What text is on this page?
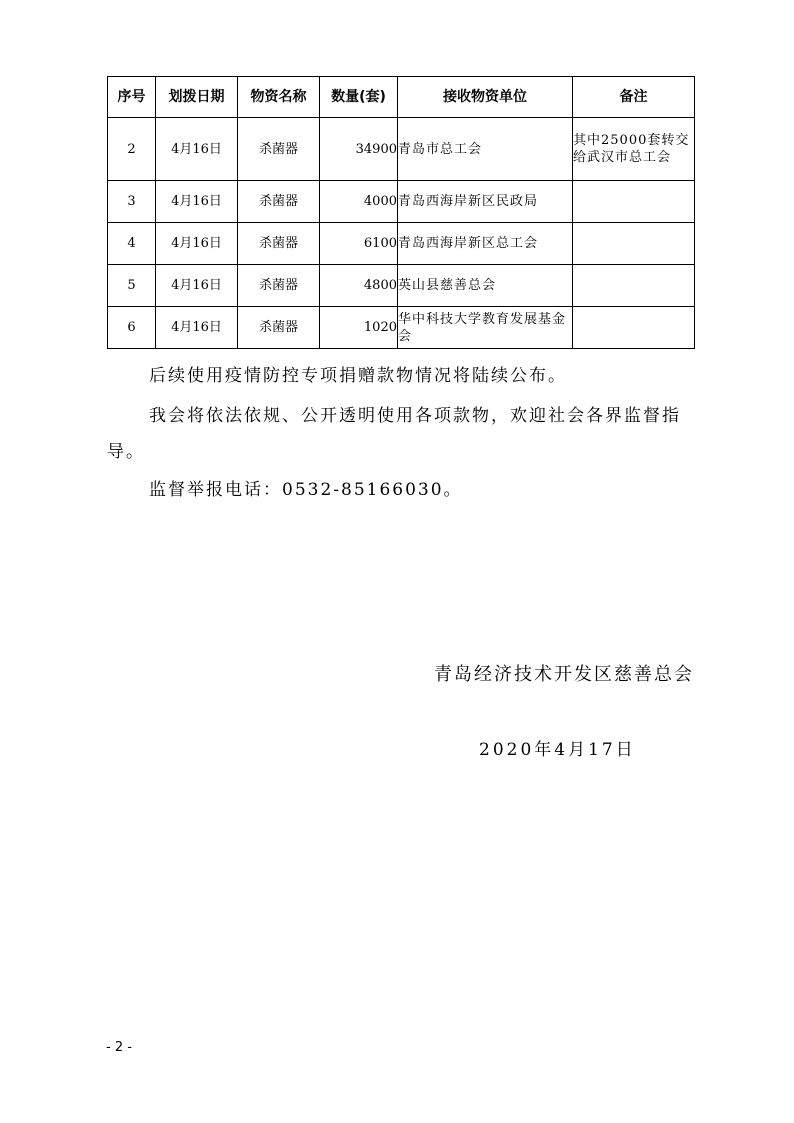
序号	划拨日期	物资名称	数量(套)	接收物资单位	备注
2	4月16日	杀菌器	34900	青岛市总工会	其中25000套转交给武汉市总工会
3	4月16日	杀菌器	4000	青岛西海岸新区民政局	
4	4月16日	杀菌器	6100	青岛西海岸新区总工会	
5	4月16日	杀菌器	4800	英山县慈善总会	
6	4月16日	杀菌器	1020	华中科技大学教育发展基金会	

后续使用疫情防控专项捐赠款物情况将陆续公布。

我会将依法依规、公开透明使用各项款物，欢迎社会各界监督指导。

监督举报电话：0532-85166030。

青岛经济技术开发区慈善总会
2020年4月17日
- 2 -
